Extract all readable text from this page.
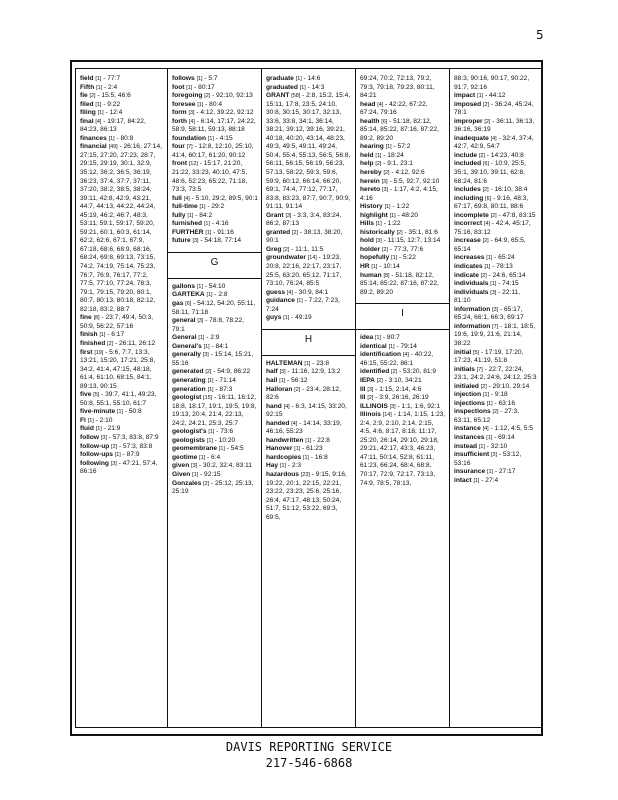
5
field [1] - 77:7
Fifth [1] - 2:4
fie [2] - 15:5, 46:6
filed [1] - 9:22
filing [1] - 12:4
final [4] - 19:17, 84:22, 84:23, 86:13
finances [1] - 80:8
financial [49] - 26:16, 27:14, 27:15, 27:20, 27:23, 28:7, 29:15, 29:19, 30:1, 32:9, 35:12, 36:2, 36:5, 36:19, 36:23, 37:4, 37:7, 37:11, 37:20, 38:2, 38:5, 38:24, 39:11, 42:8, 42:9, 43:21, 44:7, 44:13, 44:22, 44:24, 45:19, 46:2, 46:7, 48:3, 53:11, 59:1, 59:17, 59:20, 59:21, 60:1, 60:3, 61:14, 62:2, 62:6, 67:1, 67:9, 67:18, 68:6, 68:9, 68:16, 68:24, 69:8, 69:13, 73:15, 74:2, 74:19, 75:14, 75:23, 76:7, 76:9, 76:17, 77:2, 77:5, 77:10, 77:24, 78:3, 79:1, 79:15, 79:20, 80:1, 80:7, 80:13, 80:18, 82:12, 82:18, 83:2, 88:7
fine [8] - 23:7, 49:4, 50:3, 50:9, 56:22, 57:16
finish [1] - 6:17
finished [2] - 26:11, 26:12
first [19] - 5:6, 7:7, 13:3, 13:21, 15:20, 17:21, 25:8, 34:2, 41:4, 47:15, 48:18, 61:4, 61:10, 68:15, 84:1, 89:13, 90:15
five [5] - 39:7, 41:1, 49:23, 50:8, 55:1, 55:10, 61:7
five-minute [1] - 50:8
Fl [1] - 2:10
fluid [1] - 21:9
follow [3] - 57:3, 83:8, 87:9
follow-up [2] - 57:3, 83:8
follow-ups [1] - 87:9
following [3] - 47:21, 57:4, 86:16
follows [1] - 5:7
foot [1] - 80:17
foregoing [2] - 92:10, 92:13
foresee [1] - 80:4
form [3] - 4:12, 39:22, 92:12
forth [4] - 6:14, 17:17, 24:22, 58:9, 58:11, 59:13, 88:18
foundation [1] - 4:15
four [7] - 12:8, 12:10, 25:10, 41:4, 60:17, 61:20, 90:12
front [12] - 15:17, 21:20, 21:22, 33:23, 40:10, 47:5, 48:6, 52:23, 65:22, 71:18, 73:3, 73:5
full [4] - 5:10, 29:2, 89:5, 90:1
full-time [1] - 29:2
fully [1] - 84:2
furnished [1] - 4:16
FURTHER [1] - 91:16
future [3] - 54:18, 77:14
G
gallons [1] - 54:10
GARTEKA [1] - 2:8
gas [6] - 54:12, 54:20, 55:11, 58:11, 71:18
general [3] - 78:8, 78:22, 79:1
General [1] - 2:9
General's [1] - 84:1
generally [3] - 15:14, 15:21, 55:16
generated [2] - 54:9, 86:22
generating [1] - 71:14
generation [1] - 87:3
geologist [15] - 16:11, 16:12, 18:8, 18:17, 19:1, 19:5, 19:8, 19:13, 20:4, 21:4, 22:13, 24:2, 24:21, 25:3, 25:7
geologist's [1] - 73:6
geologists [1] - 10:20
geomembrane [1] - 54:5
geotime [1] - 6:4
given [3] - 30:2, 32:4, 83:11
Given [1] - 92:15
Gonzales [2] - 25:12, 25:13, 25:19
graduate [1] - 14:6
graduated [1] - 14:3
GRANT [58] - 2:8, 15:2, 15:4, 15:11, 17:8, 23:5, 24:10, 30:8, 30:15, 30:17, 32:13, 33:6, 33:8, 34:1, 36:14, 38:21, 39:12, 39:16, 39:21, 40:18, 40:20, 43:14, 48:23, 49:3, 49:5, 49:11, 49:24, 50:4, 55:4, 55:13, 56:5, 56:8, 56:11, 56:15, 56:19, 56:23, 57:13, 58:22, 59:3, 59:6, 59:9, 60:12, 66:14, 66:20, 69:1, 74:4, 77:12, 77:17, 83:8, 83:23, 87:7, 90:7, 90:9, 91:11, 91:14
Grant [3] - 3:3, 3:4, 83:24, 86:2, 87:13
granted [2] - 38:13, 38:20, 90:1
Greg [2] - 11:1, 11:5
groundwater [14] - 19:23, 20:8, 22:16, 22:17, 23:17, 25:5, 63:20, 65:12, 71:17, 73:10, 76:24, 85:5
guess [4] - 30:9, 84:1
guidance [1] - 7:22, 7:23, 7:24
guys [1] - 49:19
H
HALTEMAN [1] - 23:8
half [3] - 11:16, 12:9, 13:2
hall [1] - 56:12
Halloran [2] - 23:4, 28:12, 82:6
hand [4] - 6:3, 14:15, 33:20, 92:15
handed [4] - 14:14, 33:19, 46:16, 55:23
handwritten [1] - 22:8
Hanover [1] - 61:23
hardcopies [1] - 16:8
Hay [1] - 2:3
hazardous [23] - 9:15, 9:16, 19:22, 20:1, 22:15, 22:21, 23:22, 23:23, 25:6, 25:16, 26:4, 47:17, 48:13, 50:24, 51:7, 51:12, 53:22, 69:3, 69:5,
69:24, 70:2, 72:13, 79:2, 79:3, 79:18, 79:23, 80:11, 84:21
head [4] - 42:22, 67:22, 67:24, 79:16
health [6] - 51:18, 82:12, 85:14, 85:22, 87:16, 87:22, 89:2, 89:20
hearing [1] - 57:2
held [1] - 18:24
help [2] - 9:1, 23:1
hereby [2] - 4:12, 92:6
herein [3] - 5:5, 92:7, 92:10
hereto [3] - 1:17, 4:2, 4:15, 4:16
History [1] - 1:22
highlight [1] - 48:20
Hills [1] - 1:22
historically [2] - 35:1, 81:6
hold [3] - 11:15, 12:7, 13:14
holder [2] - 77:3, 77:6
hopefully [1] - 5:22
HR [1] - 10:14
human [8] - 51:18, 82:12, 85:14, 85:22, 87:16, 87:22, 89:2, 89:20
I
idea [1] - 80:7
identical [1] - 79:14
identification [4] - 40:22, 46:15, 55:22, 86:1
identified [2] - 53:20, 81:9
IEPA [2] - 3:10, 34:21
Ill [3] - 1:15, 2:14, 4:6
Ill [2] - 3:9, 26:16, 26:19
ILLINOIS [3] - 1:1, 1:6, 92:1
Illinois [14] - 1:14, 1:15, 1:23, 2:4, 2:9, 2:10, 2:14, 2:15, 4:5, 4:6, 8:17, 8:18, 11:17, 25:20, 26:14, 29:10, 29:18, 29:21, 42:17, 43:3, 46:23, 47:11, 50:14, 52:8, 61:11, 61:23, 66:24, 68:4, 68:8, 70:17, 72:9, 72:17, 73:13, 74:9, 78:5, 78:13,
88:3, 90:16, 90:17, 90:22, 91:7, 92:16
impact [1] - 44:12
imposed [2] - 36:24, 45:24, 78:1
improper [2] - 36:11, 36:13, 36:16, 36:19
inadequate [4] - 32:4, 37:4, 42:7, 42:9, 54:7
include [2] - 14:23, 40:8
included [6] - 10:9, 25:5, 35:1, 39:10, 39:11, 62:8, 68:24, 81:6
includes [2] - 16:10, 38:4
including [6] - 9:16, 48:3, 67:17, 69:8, 80:11, 88:6
incomplete [2] - 47:8, 83:15
incorrect [4] - 42:4, 45:17, 75:16, 83:12
increase [2] - 64:9, 65:5, 65:14
increases [1] - 65:24
indicates [1] - 78:13
indicate [2] - 24:6, 65:14
individuals [1] - 74:15
individuals [3] - 22:11, 81:10
information [3] - 65:17, 65:24, 66:1, 66:3, 69:17
information [7] - 18:1, 18:5, 19:6, 19:9, 21:6, 21:14, 38:22
initial [5] - 17:19, 17:20, 17:23, 41:19, 51:8
initials [7] - 22:7, 22:24, 23:1, 24:2, 24:6, 24:12, 25:3
initialed [2] - 29:10, 29:14
injection [1] - 9:18
injections [1] - 63:16
inspections [2] - 27:3, 63:11, 65:12
instance [4] - 1:12, 4:5, 5:5
instances [1] - 69:14
instead [1] - 32:10
insufficient [3] - 53:12, 53:16
insurance [1] - 27:17
intact [1] - 27:4
DAVIS REPORTING SERVICE
217-546-6868
